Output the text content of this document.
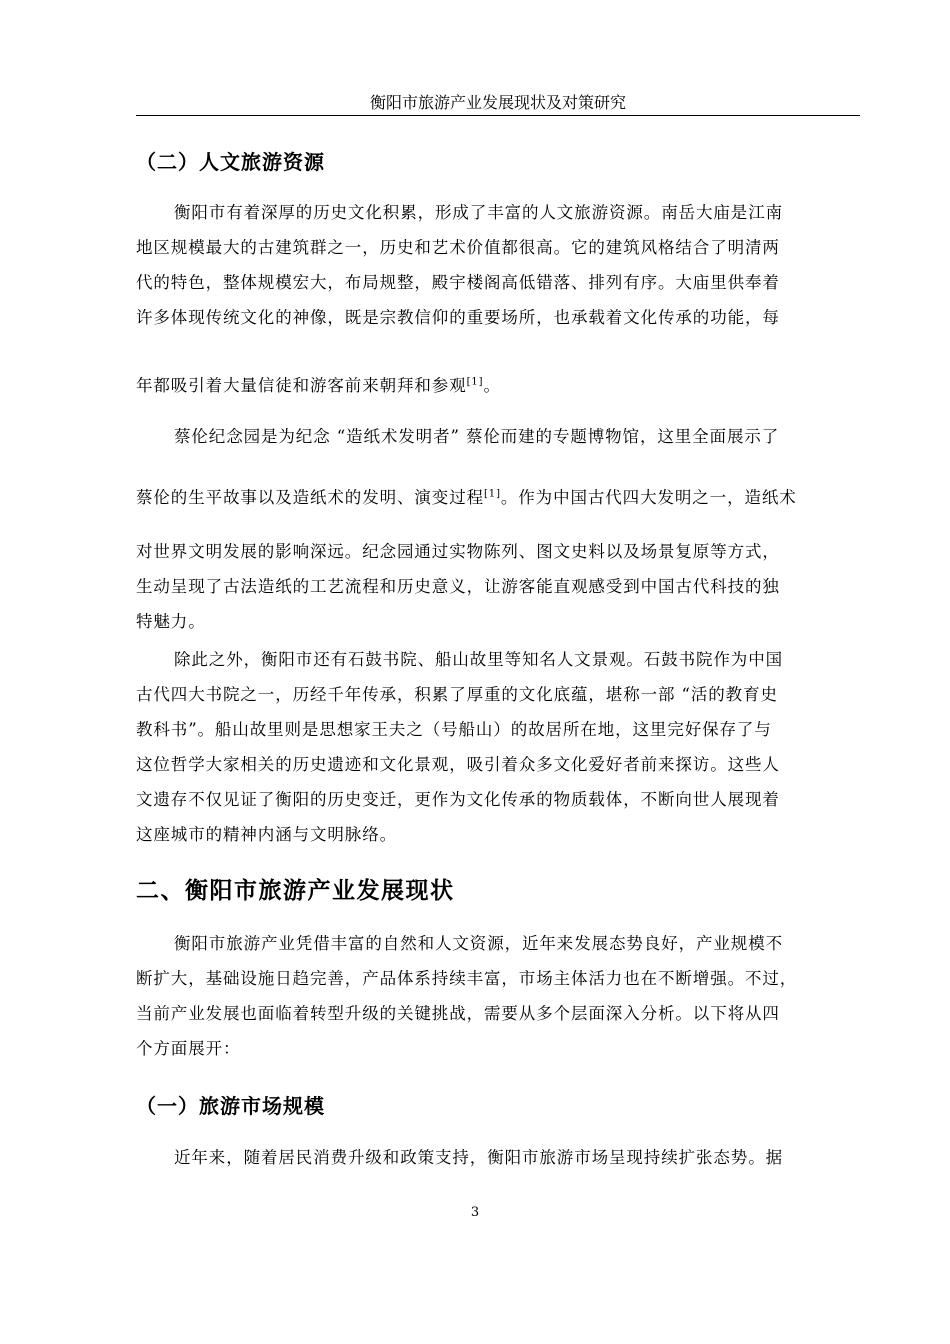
衡阳市旅游产业发展现状及对策研究
（二）人文旅游资源
衡阳市有着深厚的历史文化积累，形成了丰富的人文旅游资源。南岳大庙是江南
地区规模最大的古建筑群之一，历史和艺术价值都很高。它的建筑风格结合了明清两
代的特色，整体规模宏大，布局规整，殿宇楼阁高低错落、排列有序。大庙里供奉着
许多体现传统文化的神像，既是宗教信仰的重要场所，也承载着文化传承的功能，每
年都吸引着大量信徒和游客前来朝拜和参观[1]。
蔡伦纪念园是为纪念 “造纸术发明者” 蔡伦而建的专题博物馆，这里全面展示了
蔡伦的生平故事以及造纸术的发明、演变过程[1]。作为中国古代四大发明之一，造纸术
对世界文明发展的影响深远。纪念园通过实物陈列、图文史料以及场景复原等方式，
生动呈现了古法造纸的工艺流程和历史意义，让游客能直观感受到中国古代科技的独
特魅力。
除此之外，衡阳市还有石鼓书院、船山故里等知名人文景观。石鼓书院作为中国
古代四大书院之一，历经千年传承，积累了厚重的文化底蕴，堪称一部 “活的教育史
教科书”。船山故里则是思想家王夫之（号船山）的故居所在地，这里完好保存了与
这位哲学大家相关的历史遗迹和文化景观，吸引着众多文化爱好者前来探访。这些人
文遗存不仅见证了衡阳的历史变迁，更作为文化传承的物质载体，不断向世人展现着
这座城市的精神内涵与文明脉络。
二、衡阳市旅游产业发展现状
衡阳市旅游产业凭借丰富的自然和人文资源，近年来发展态势良好，产业规模不
断扩大，基础设施日趋完善，产品体系持续丰富，市场主体活力也在不断增强。不过，
当前产业发展也面临着转型升级的关键挑战，需要从多个层面深入分析。以下将从四
个方面展开：
（一）旅游市场规模
近年来，随着居民消费升级和政策支持，衡阳市旅游市场呈现持续扩张态势。据
3
